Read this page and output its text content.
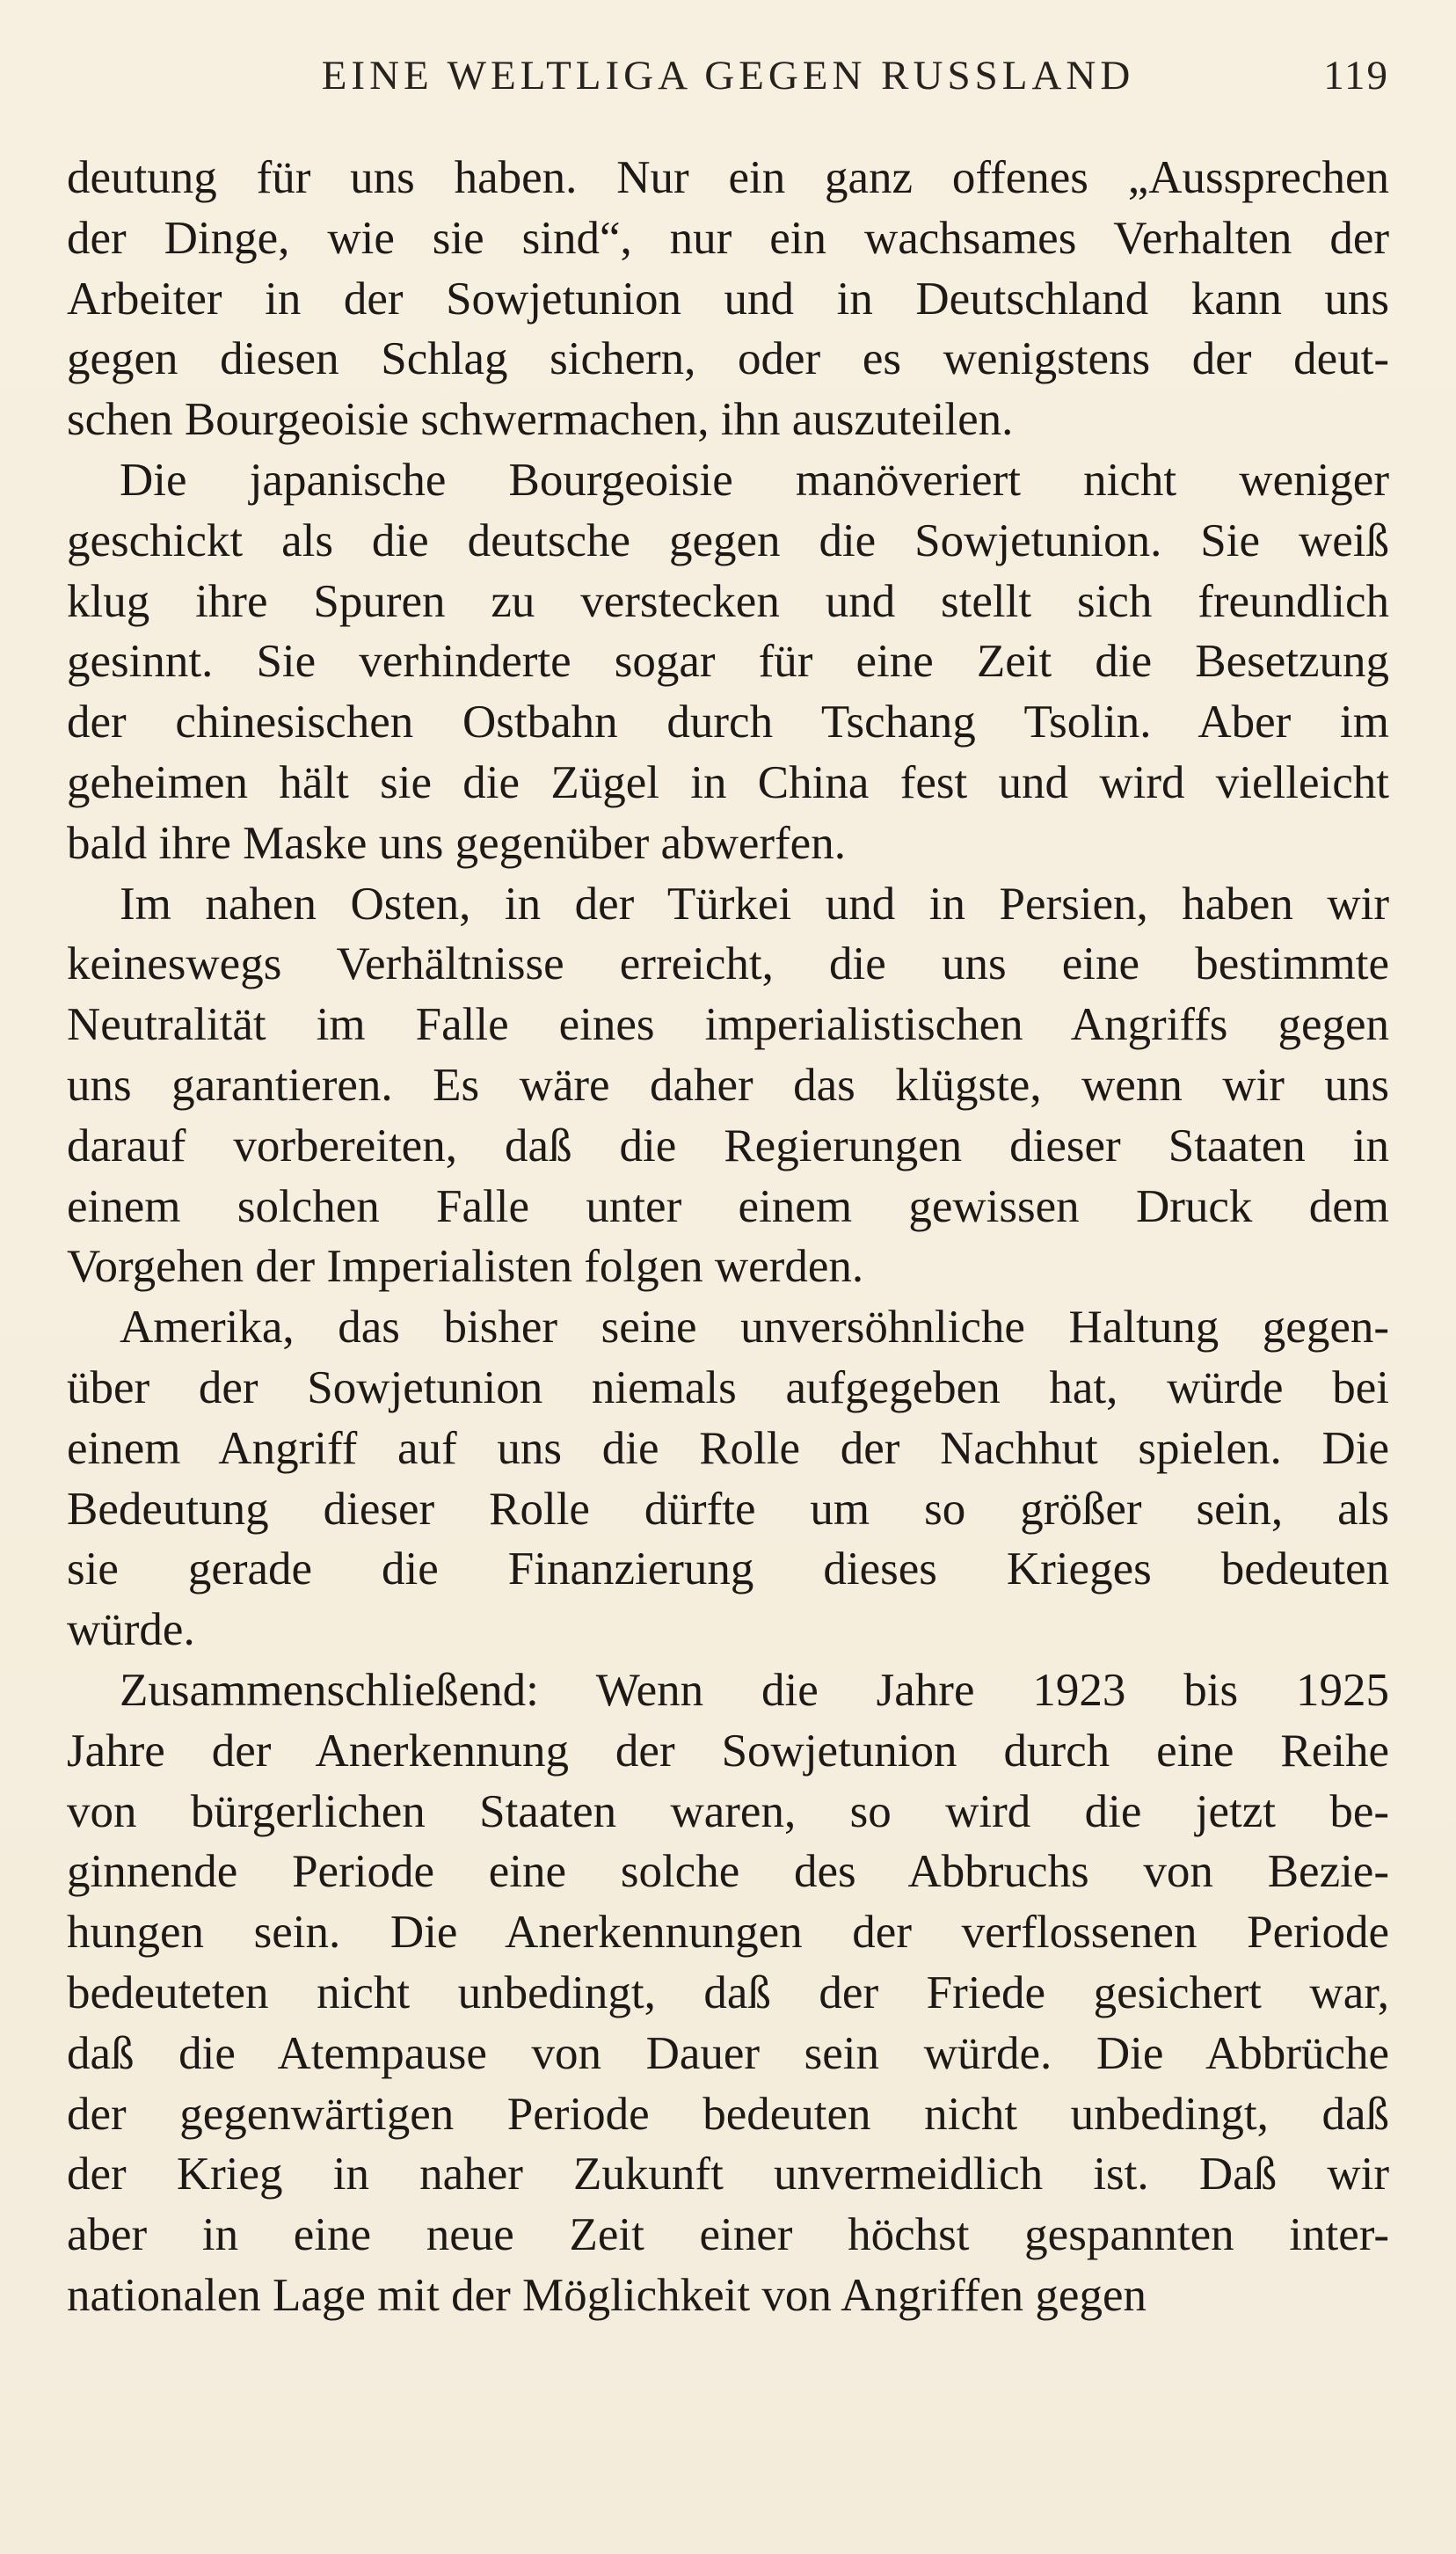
EINE WELTLIGA GEGEN RUSSLAND	119
deutung für uns haben. Nur ein ganz offenes „Aussprechen
der Dinge, wie sie sind“, nur ein wachsames Verhalten der
Arbeiter in der Sowjetunion und in Deutschland kann uns
gegen diesen Schlag sichern, oder es wenigstens der deut-
schen Bourgeoisie schwermachen, ihn auszuteilen.
Die japanische Bourgeoisie manöveriert nicht weniger
geschickt als die deutsche gegen die Sowjetunion. Sie weiß
klug ihre Spuren zu verstecken und stellt sich freundlich
gesinnt. Sie verhinderte sogar für eine Zeit die Besetzung
der chinesischen Ostbahn durch Tschang Tsolin. Aber im
geheimen hält sie die Zügel in China fest und wird vielleicht
bald ihre Maske uns gegenüber abwerfen.
Im nahen Osten, in der Türkei und in Persien, haben wir
keineswegs Verhältnisse erreicht, die uns eine bestimmte
Neutralität im Falle eines imperialistischen Angriffs gegen
uns garantieren. Es wäre daher das klügste, wenn wir uns
darauf vorbereiten, daß die Regierungen dieser Staaten in
einem solchen Falle unter einem gewissen Druck dem
Vorgehen der Imperialisten folgen werden.
Amerika, das bisher seine unversöhnliche Haltung gegen-
über der Sowjetunion niemals aufgegeben hat, würde bei
einem Angriff auf uns die Rolle der Nachhut spielen. Die
Bedeutung dieser Rolle dürfte um so größer sein, als
sie gerade die Finanzierung dieses Krieges bedeuten
würde.
Zusammenschließend: Wenn die Jahre 1923 bis 1925
Jahre der Anerkennung der Sowjetunion durch eine Reihe
von bürgerlichen Staaten waren, so wird die jetzt be-
ginnende Periode eine solche des Abbruchs von Bezie-
hungen sein. Die Anerkennungen der verflossenen Periode
bedeuteten nicht unbedingt, daß der Friede gesichert war,
daß die Atempause von Dauer sein würde. Die Abbrüche
der gegenwärtigen Periode bedeuten nicht unbedingt, daß
der Krieg in naher Zukunft unvermeidlich ist. Daß wir
aber in eine neue Zeit einer höchst gespannten inter-
nationalen Lage mit der Möglichkeit von Angriffen gegen
